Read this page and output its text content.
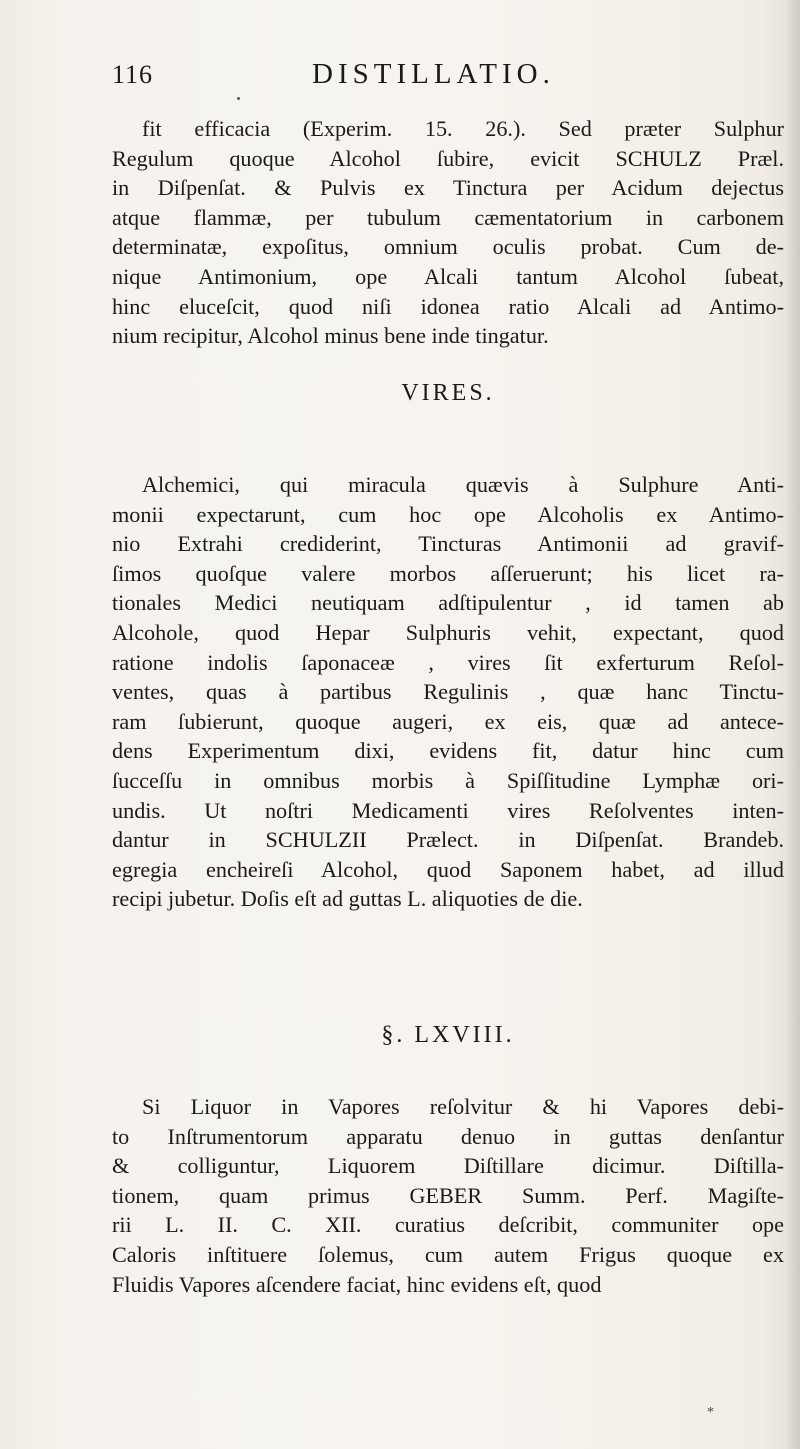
116	DISTILLATIO.

fit efficacia (Experim. 15. 26.). Sed præter Sulphur
Regulum quoque Alcohol ſubire, evicit SCHULZ Præl.
in Diſpenſat. & Pulvis ex Tinctura per Acidum dejectus
atque flammæ, per tubulum cæmentatorium in carbonem
determinatæ, expoſitus, omnium oculis probat. Cum de-
nique Antimonium, ope Alcali tantum Alcohol ſubeat,
hinc eluceſcit, quod niſi idonea ratio Alcali ad Antimo-
nium recipitur, Alcohol minus bene inde tingatur.

VIRES.

Alchemici, qui miracula quævis à Sulphure Anti-
monii expectarunt, cum hoc ope Alcoholis ex Antimo-
nio Extrahi crediderint, Tincturas Antimonii ad gravif-
ſimos quoſque valere morbos aſſeruerunt; his licet ra-
tionales Medici neutiquam adſtipulentur , id tamen ab
Alcohole, quod Hepar Sulphuris vehit, expectant, quod
ratione indolis ſaponaceæ , vires ſit exferturum Reſol-
ventes, quas à partibus Regulinis , quæ hanc Tinctu-
ram ſubierunt, quoque augeri, ex eis, quæ ad antece-
dens Experimentum dixi, evidens fit, datur hinc cum
ſucceſſu in omnibus morbis à Spiſſitudine Lymphæ ori-
undis. Ut noſtri Medicamenti vires Reſolventes inten-
dantur in SCHULZII Prælect. in Diſpenſat. Brandeb.
egregia encheireſi Alcohol, quod Saponem habet, ad illud
recipi jubetur. Doſis eſt ad guttas L. aliquoties de die.

§. LXVIII.

Si Liquor in Vapores reſolvitur & hi Vapores debi-
to Inſtrumentorum apparatu denuo in guttas denſantur
& colliguntur, Liquorem Diſtillare dicimur. Diſtilla-
tionem, quam primus GEBER Summ. Perf. Magiſte-
rii L. II. C. XII. curatius deſcribit, communiter ope
Caloris inſtituere ſolemus, cum autem Frigus quoque ex
Fluidis Vapores aſcendere faciat, hinc evidens eſt, quod

*
